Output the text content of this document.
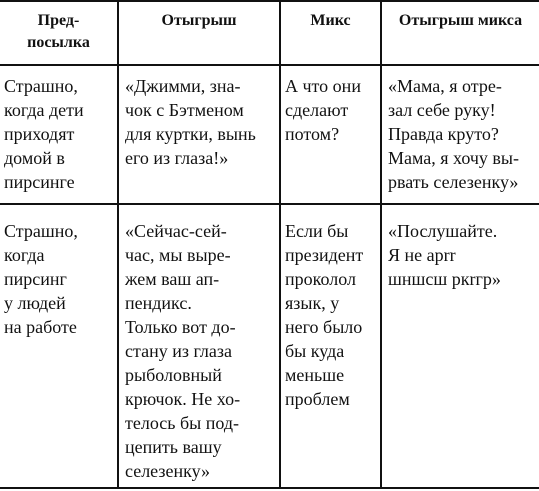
Пред-
посылка
Отыгрыш	Микс	Отыгрыш микса
Страшно,
когда дети
приходят
домой в
пирсинге
«Джимми, зна-
чок с Бэтменом
для куртки, вынь
его из глаза!»
А что они
сделают
потом?
«Мама, я отре-
зал себе руку!
Правда круто?
Мама, я хочу вы-
рвать селезенку»
Страшно,
когда
пирсинг
у людей
на работе
«Сейчас-сей-
час, мы выре-
жем ваш ап-
пендикс.
Только вот до-
стану из глаза
рыболовный
крючок. Не хо-
телось бы под-
цепить вашу
селезенку»
Если бы
президент
проколол
язык, у
него было
бы куда
меньше
проблем
«Послушайте.
Я не арrr
шншсш ркrгр»
